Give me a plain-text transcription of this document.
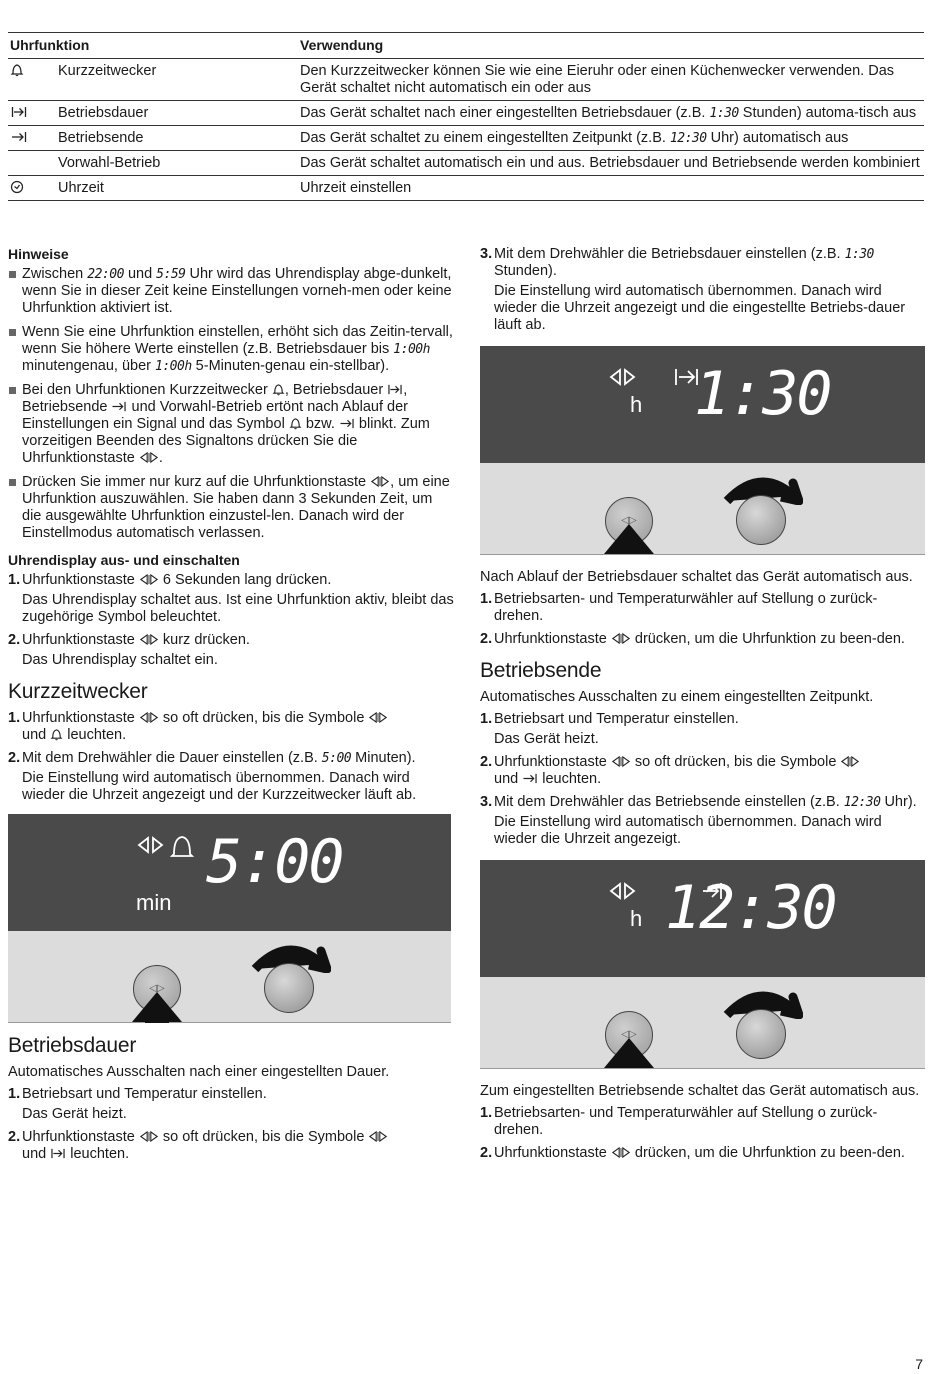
Uhrfunktion		Verwendung
	Kurzzeitwecker	Den Kurzzeitwecker können Sie wie eine Eieruhr oder einen Küchenwecker verwenden. Das Gerät schaltet nicht automatisch ein oder aus
	Betriebsdauer	Das Gerät schaltet nach einer eingestellten Betriebsdauer (z.B. 1:30 Stunden) automa-tisch aus
	Betriebsende	Das Gerät schaltet zu einem eingestellten Zeitpunkt (z.B. 12:30 Uhr) automatisch aus
	Vorwahl-Betrieb	Das Gerät schaltet automatisch ein und aus. Betriebsdauer und Betriebsende werden kombiniert
	Uhrzeit	Uhrzeit einstellen
Hinweise
Zwischen 22:00 und 5:59 Uhr wird das Uhrendisplay abge-dunkelt, wenn Sie in dieser Zeit keine Einstellungen vorneh-men oder keine Uhrfunktion aktiviert ist.
Wenn Sie eine Uhrfunktion einstellen, erhöht sich das Zeitin-tervall, wenn Sie höhere Werte einstellen (z.B. Betriebsdauer bis 1:00h minutengenau, über 1:00h 5-Minuten-genau ein-stellbar).
Bei den Uhrfunktionen Kurzzeitwecker , Betriebsdauer , Betriebsende  und Vorwahl-Betrieb ertönt nach Ablauf der Einstellungen ein Signal und das Symbol  bzw.  blinkt. Zum vorzeitigen Beenden des Signaltons drücken Sie die Uhrfunktionstaste .
Drücken Sie immer nur kurz auf die Uhrfunktionstaste , um eine Uhrfunktion auszuwählen. Sie haben dann 3 Sekunden Zeit, um die ausgewählte Uhrfunktion einzustel-len. Danach wird der Einstellmodus automatisch verlassen.
Uhrendisplay aus- und einschalten
1. Uhrfunktionstaste  6 Sekunden lang drücken.
Das Uhrendisplay schaltet aus. Ist eine Uhrfunktion aktiv, bleibt das zugehörige Symbol beleuchtet.
2. Uhrfunktionstaste  kurz drücken.
Das Uhrendisplay schaltet ein.
Kurzzeitwecker
1. Uhrfunktionstaste  so oft drücken, bis die Symbole
und  leuchten.
2. Mit dem Drehwähler die Dauer einstellen (z.B. 5:00 Minuten).
Die Einstellung wird automatisch übernommen. Danach wird wieder die Uhrzeit angezeigt und der Kurzzeitwecker läuft ab.
min
5:00
◁▷
Betriebsdauer

Automatisches Ausschalten nach einer eingestellten Dauer.

1. Betriebsart und Temperatur einstellen.
Das Gerät heizt.
2. Uhrfunktionstaste  so oft drücken, bis die Symbole
und  leuchten.
3. Mit dem Drehwähler die Betriebsdauer einstellen (z.B. 1:30 Stunden).
Die Einstellung wird automatisch übernommen. Danach wird wieder die Uhrzeit angezeigt und die eingestellte Betriebs-dauer läuft ab.
h 1:30
◁▷

Nach Ablauf der Betriebsdauer schaltet das Gerät automatisch aus.

1. Betriebsarten- und Temperaturwähler auf Stellung o zurück-drehen.
2. Uhrfunktionstaste  drücken, um die Uhrfunktion zu been-den.
Betriebsende

Automatisches Ausschalten zu einem eingestellten Zeitpunkt.

1. Betriebsart und Temperatur einstellen.
Das Gerät heizt.
2. Uhrfunktionstaste  so oft drücken, bis die Symbole
und  leuchten.
3. Mit dem Drehwähler das Betriebsende einstellen (z.B. 12:30 Uhr).
Die Einstellung wird automatisch übernommen. Danach wird wieder die Uhrzeit angezeigt.
h 12:30
◁▷

Zum eingestellten Betriebsende schaltet das Gerät automatisch aus.

1. Betriebsarten- und Temperaturwähler auf Stellung o zurück-drehen.
2. Uhrfunktionstaste  drücken, um die Uhrfunktion zu been-den.
7
